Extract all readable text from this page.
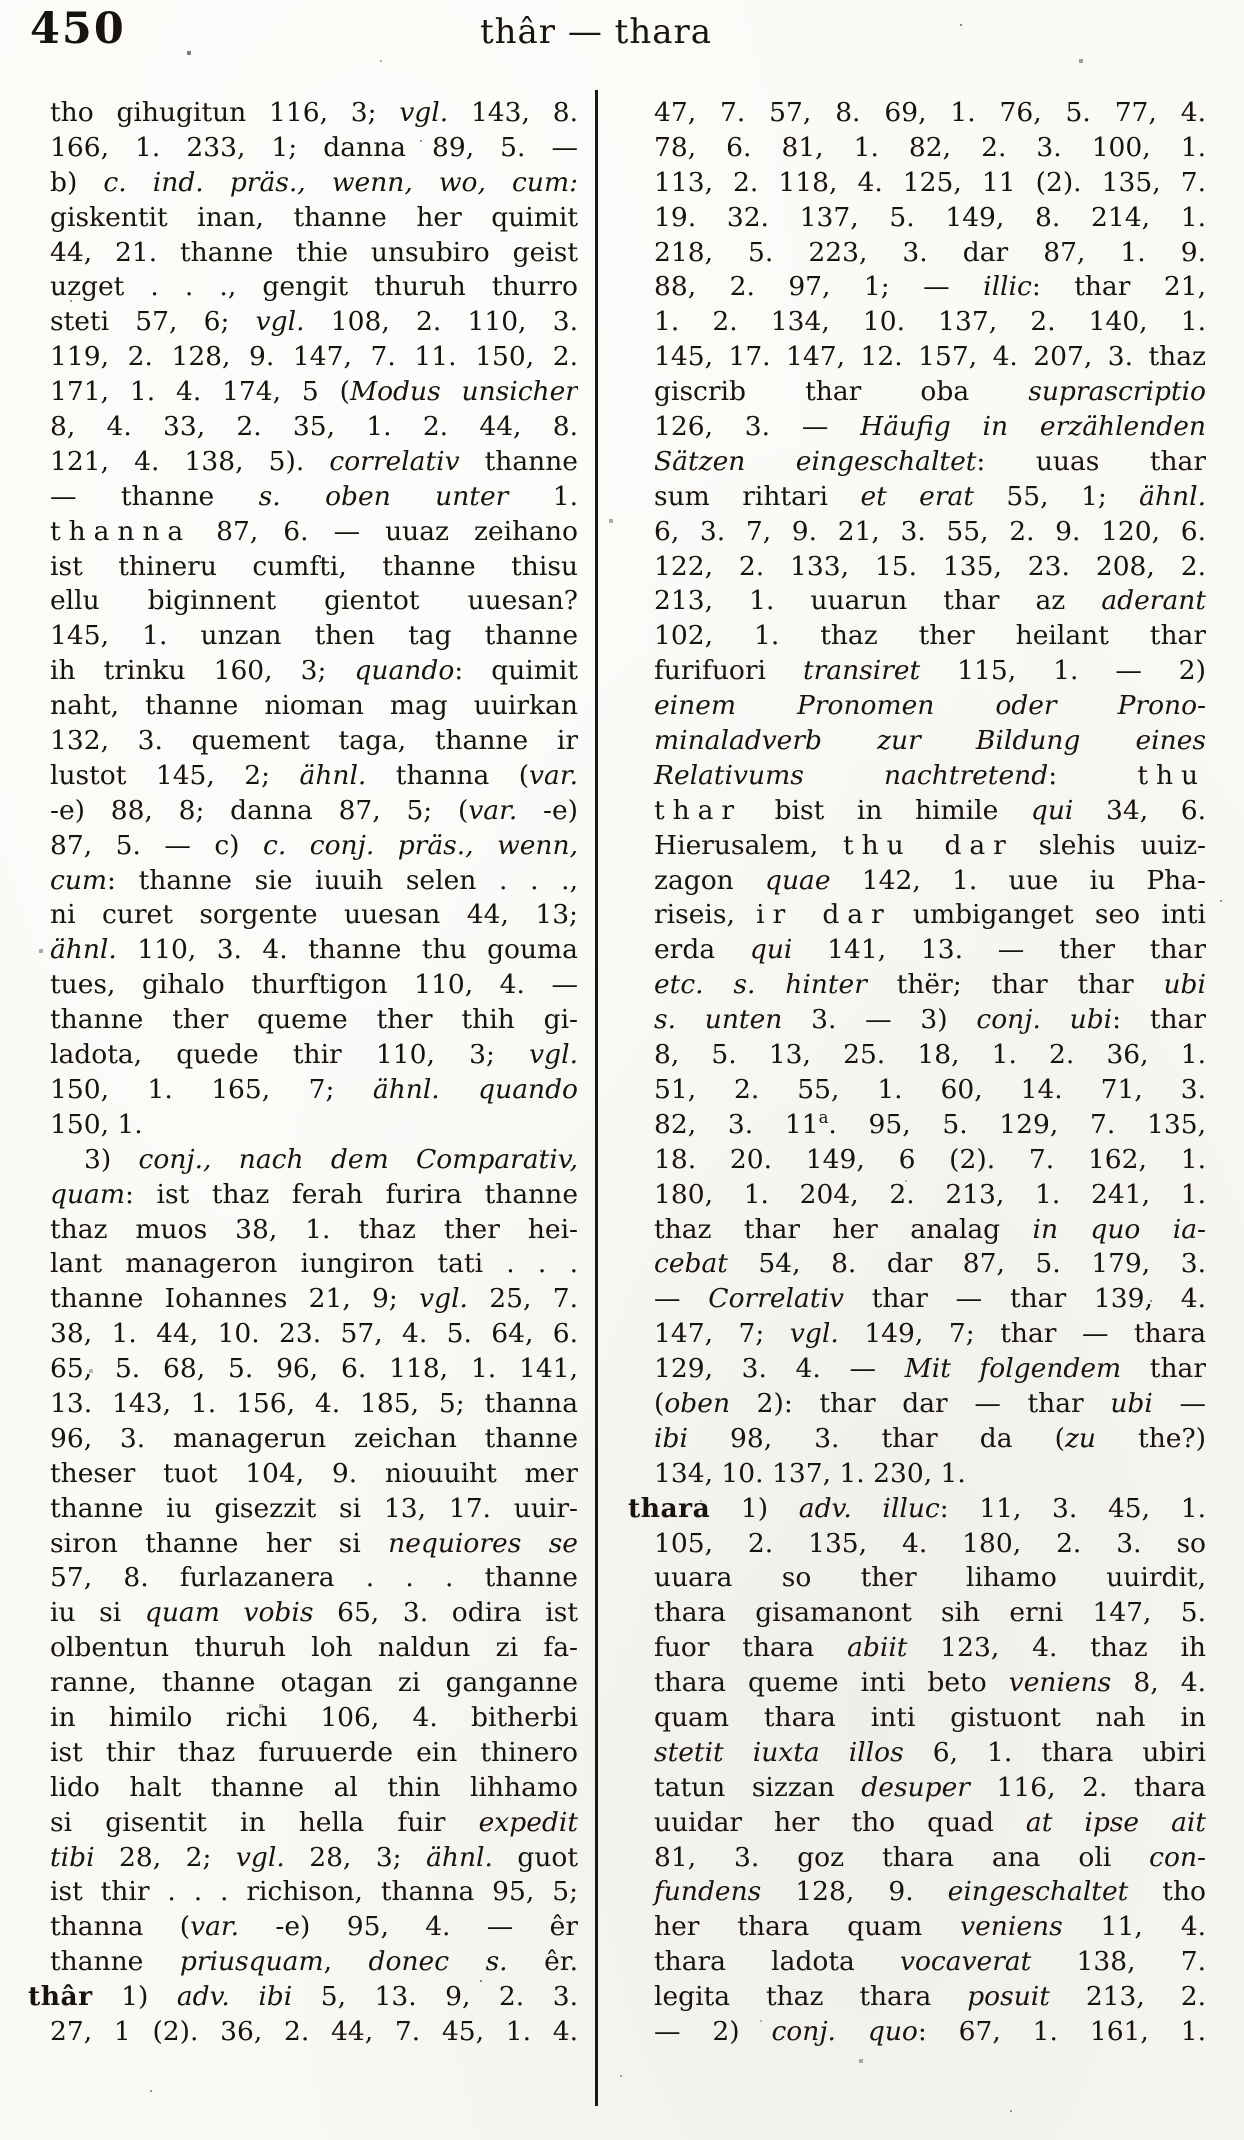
450	thâr — thara
tho gihugitun 116, 3; vgl. 143, 8.
166, 1. 233, 1; danna 89, 5. —
b) c. ind. präs., wenn, wo, cum:
giskentit inan, thanne her quimit
44, 21. thanne thie unsubiro geist
uzget . . ., gengit thuruh thurro
steti 57, 6; vgl. 108, 2. 110, 3.
119, 2. 128, 9. 147, 7. 11. 150, 2.
171, 1. 4. 174, 5 (Modus unsicher
8, 4. 33, 2. 35, 1. 2. 44, 8.
121, 4. 138, 5). correlativ thanne
— thanne s. oben unter 1.
thanna 87, 6. — uuaz zeihano
ist thineru cumfti, thanne thisu
ellu biginnent gientot uuesan?
145, 1. unzan then tag thanne
ih trinku 160, 3; quando: quimit
naht, thanne nioman mag uuirkan
132, 3. quement taga, thanne ir
lustot 145, 2; ähnl. thanna (var.
-e) 88, 8; danna 87, 5; (var. -e)
87, 5. — c) c. conj. präs., wenn,
cum: thanne sie iuuih selen . . .,
ni curet sorgente uuesan 44, 13;
ähnl. 110, 3. 4. thanne thu gouma
tues, gihalo thurftigon 110, 4. —
thanne ther queme ther thih gi-
ladota, quede thir 110, 3; vgl.
150, 1. 165, 7; ähnl. quando
150, 1.
3) conj., nach dem Comparativ,
quam: ist thaz ferah furira thanne
thaz muos 38, 1. thaz ther hei-
lant manageron iungiron tati . . .
thanne Iohannes 21, 9; vgl. 25, 7.
38, 1. 44, 10. 23. 57, 4. 5. 64, 6.
65, 5. 68, 5. 96, 6. 118, 1. 141,
13. 143, 1. 156, 4. 185, 5; thanna
96, 3. managerun zeichan thanne
theser tuot 104, 9. niouuiht mer
thanne iu gisezzit si 13, 17. uuir-
siron thanne her si nequiores se
57, 8. furlazanera . . . thanne
iu si quam vobis 65, 3. odira ist
olbentun thuruh loh naldun zi fa-
ranne, thanne otagan zi ganganne
in himilo richi 106, 4. bitherbi
ist thir thaz furuuerde ein thinero
lido halt thanne al thin lihhamo
si gisentit in hella fuir expedit
tibi 28, 2; vgl. 28, 3; ähnl. guot
ist thir . . . richison, thanna 95, 5;
thanna (var. -e) 95, 4. — êr
thanne priusquam, donec s. êr.
thâr 1) adv. ibi 5, 13. 9, 2. 3.
27, 1 (2). 36, 2. 44, 7. 45, 1. 4.
47, 7. 57, 8. 69, 1. 76, 5. 77, 4.
78, 6. 81, 1. 82, 2. 3. 100, 1.
113, 2. 118, 4. 125, 11 (2). 135, 7.
19. 32. 137, 5. 149, 8. 214, 1.
218, 5. 223, 3. dar 87, 1. 9.
88, 2. 97, 1; — illic: thar 21,
1. 2. 134, 10. 137, 2. 140, 1.
145, 17. 147, 12. 157, 4. 207, 3. thaz
giscrib thar oba suprascriptio
126, 3. — Häufig in erzählenden
Sätzen eingeschaltet: uuas thar
sum rihtari et erat 55, 1; ähnl.
6, 3. 7, 9. 21, 3. 55, 2. 9. 120, 6.
122, 2. 133, 15. 135, 23. 208, 2.
213, 1. uuarun thar az aderant
102, 1. thaz ther heilant thar
furifuori transiret 115, 1. — 2)
einem Pronomen oder Prono-
minaladverb zur Bildung eines
Relativums nachtretend: thu
thar bist in himile qui 34, 6.
Hierusalem, thu dar slehis uuiz-
zagon quae 142, 1. uue iu Pha-
riseis, ir dar umbiganget seo inti
erda qui 141, 13. — ther thar
etc. s. hinter thër; thar thar ubi
s. unten 3. — 3) conj. ubi: thar
8, 5. 13, 25. 18, 1. 2. 36, 1.
51, 2. 55, 1. 60, 14. 71, 3.
82, 3. 11$^a$. 95, 5. 129, 7. 135,
18. 20. 149, 6 (2). 7. 162, 1.
180, 1. 204, 2. 213, 1. 241, 1.
thaz thar her analag in quo ia-
cebat 54, 8. dar 87, 5. 179, 3.
— Correlativ thar — thar 139, 4.
147, 7; vgl. 149, 7; thar — thara
129, 3. 4. — Mit folgendem thar
(oben 2): thar dar — thar ubi —
ibi 98, 3. thar da (zu the?)
134, 10. 137, 1. 230, 1.
thara 1) adv. illuc: 11, 3. 45, 1.
105, 2. 135, 4. 180, 2. 3. so
uuara so ther lihamo uuirdit,
thara gisamanont sih erni 147, 5.
fuor thara abiit 123, 4. thaz ih
thara queme inti beto veniens 8, 4.
quam thara inti gistuont nah in
stetit iuxta illos 6, 1. thara ubiri
tatun sizzan desuper 116, 2. thara
uuidar her tho quad at ipse ait
81, 3. goz thara ana oli con-
fundens 128, 9. eingeschaltet tho
her thara quam veniens 11, 4.
thara ladota vocaverat 138, 7.
legita thaz thara posuit 213, 2.
— 2) conj. quo: 67, 1. 161, 1.
